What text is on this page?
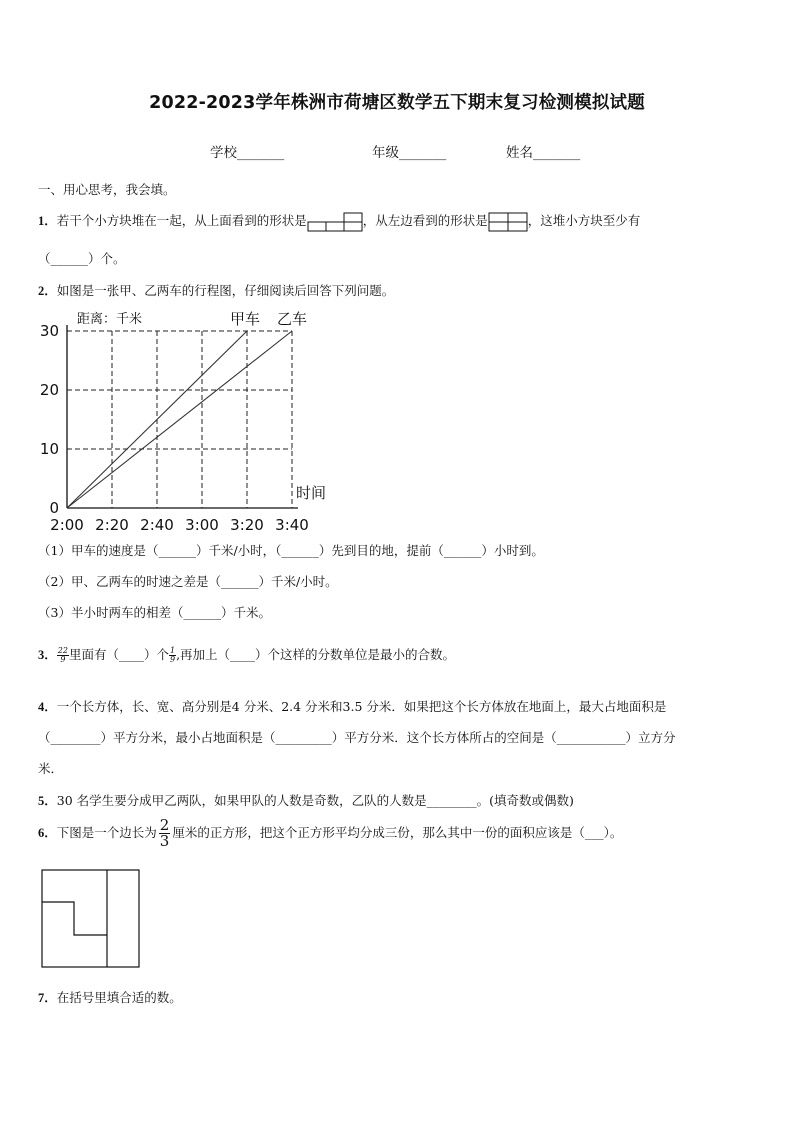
2022-2023学年株洲市荷塘区数学五下期末复习检测模拟试题
学校_______	年级_______	姓名_______
一、用心思考，我会填。
1．若干个小方块堆在一起，从上面看到的形状是	，从左边看到的形状是	，这堆小方块至少有
（______）个。
2．如图是一张甲、乙两车的行程图，仔细阅读后回答下列问题。
2:00 2:20 2:40 3:00 3:20 3:40
0
10
20
30
距离：千米
时间
甲车 乙车
（1）甲车的速度是（______）千米/小时，（______）先到目的地，提前（______）小时到。
（2）甲、乙两车的时速之差是（______）千米/小时。
（3）半小时两车的相差（______）千米。
3． $\frac{22}{9}$ 里面有（____）个 $\frac{1}{9}$ ,再加上（____）个这样的分数单位是最小的合数。
4．一个长方体，长、宽、高分别是4 分米、2.4 分米和3.5 分米．如果把这个长方体放在地面上，最大占地面积是
（________）平方分米，最小占地面积是（_________）平方分米．这个长方体所占的空间是（___________）立方分
米．
5．30 名学生要分成甲乙两队，如果甲队的人数是奇数，乙队的人数是________。(填奇数或偶数)
6．下图是一个边长为 $\frac{2}{3}$ 厘米的正方形，把这个正方形平均分成三份，那么其中一份的面积应该是（___）。
7．在括号里填合适的数。
